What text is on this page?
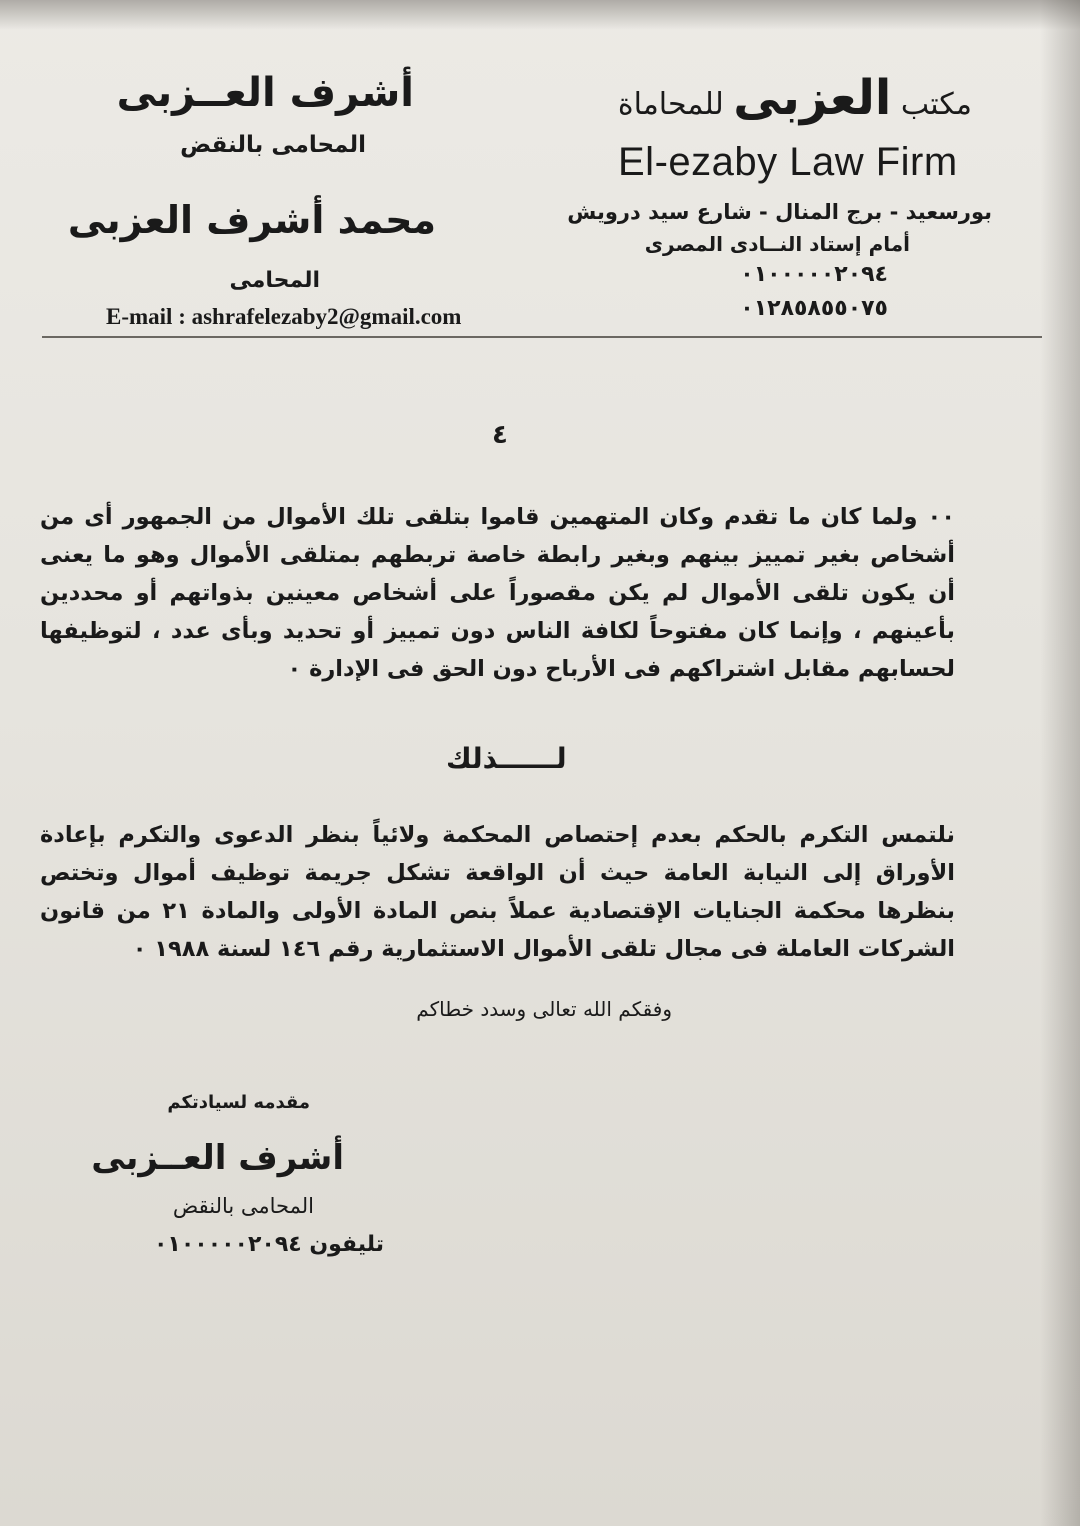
مكتب العزبى للمحاماة
El-ezaby Law Firm
بورسعيد - برج المنال - شارع سيد درويش
أمام إستاد النــادى المصرى
٠١٠٠٠٠٠٢٠٩٤
٠١٢٨٥٨٥٥٠٧٥
أشرف العــزبى
المحامى بالنقض
محمد أشرف العزبى
المحامى
E-mail : ashrafelezaby2@gmail.com
٤
٠٠ ولما كان ما تقدم وكان المتهمين قاموا بتلقى تلك الأموال من الجمهور أى من أشخاص بغير تمييز بينهم وبغير رابطة خاصة تربطهم بمتلقى الأموال وهو ما يعنى أن يكون تلقى الأموال لم يكن مقصوراً على أشخاص معينين بذواتهم أو محددين بأعينهم ، وإنما كان مفتوحاً لكافة الناس دون تمييز أو تحديد وبأى عدد ، لتوظيفها لحسابهم مقابل اشتراكهم فى الأرباح دون الحق فى الإدارة ٠
لــــــذلك
نلتمس التكرم بالحكم بعدم إحتصاص المحكمة ولائياً بنظر الدعوى والتكرم بإعادة الأوراق إلى النيابة العامة حيث أن الواقعة تشكل جريمة توظيف أموال وتختص بنظرها محكمة الجنايات الإقتصادية عملاً بنص المادة الأولى والمادة ٢١ من قانون الشركات العاملة فى مجال تلقى الأموال الاستثمارية رقم ١٤٦ لسنة ١٩٨٨ ٠
وفقكم الله تعالى وسدد خطاكم
مقدمه لسيادتكم
أشرف العــزبى
المحامى بالنقض
تليفون ٠١٠٠٠٠٠٢٠٩٤
